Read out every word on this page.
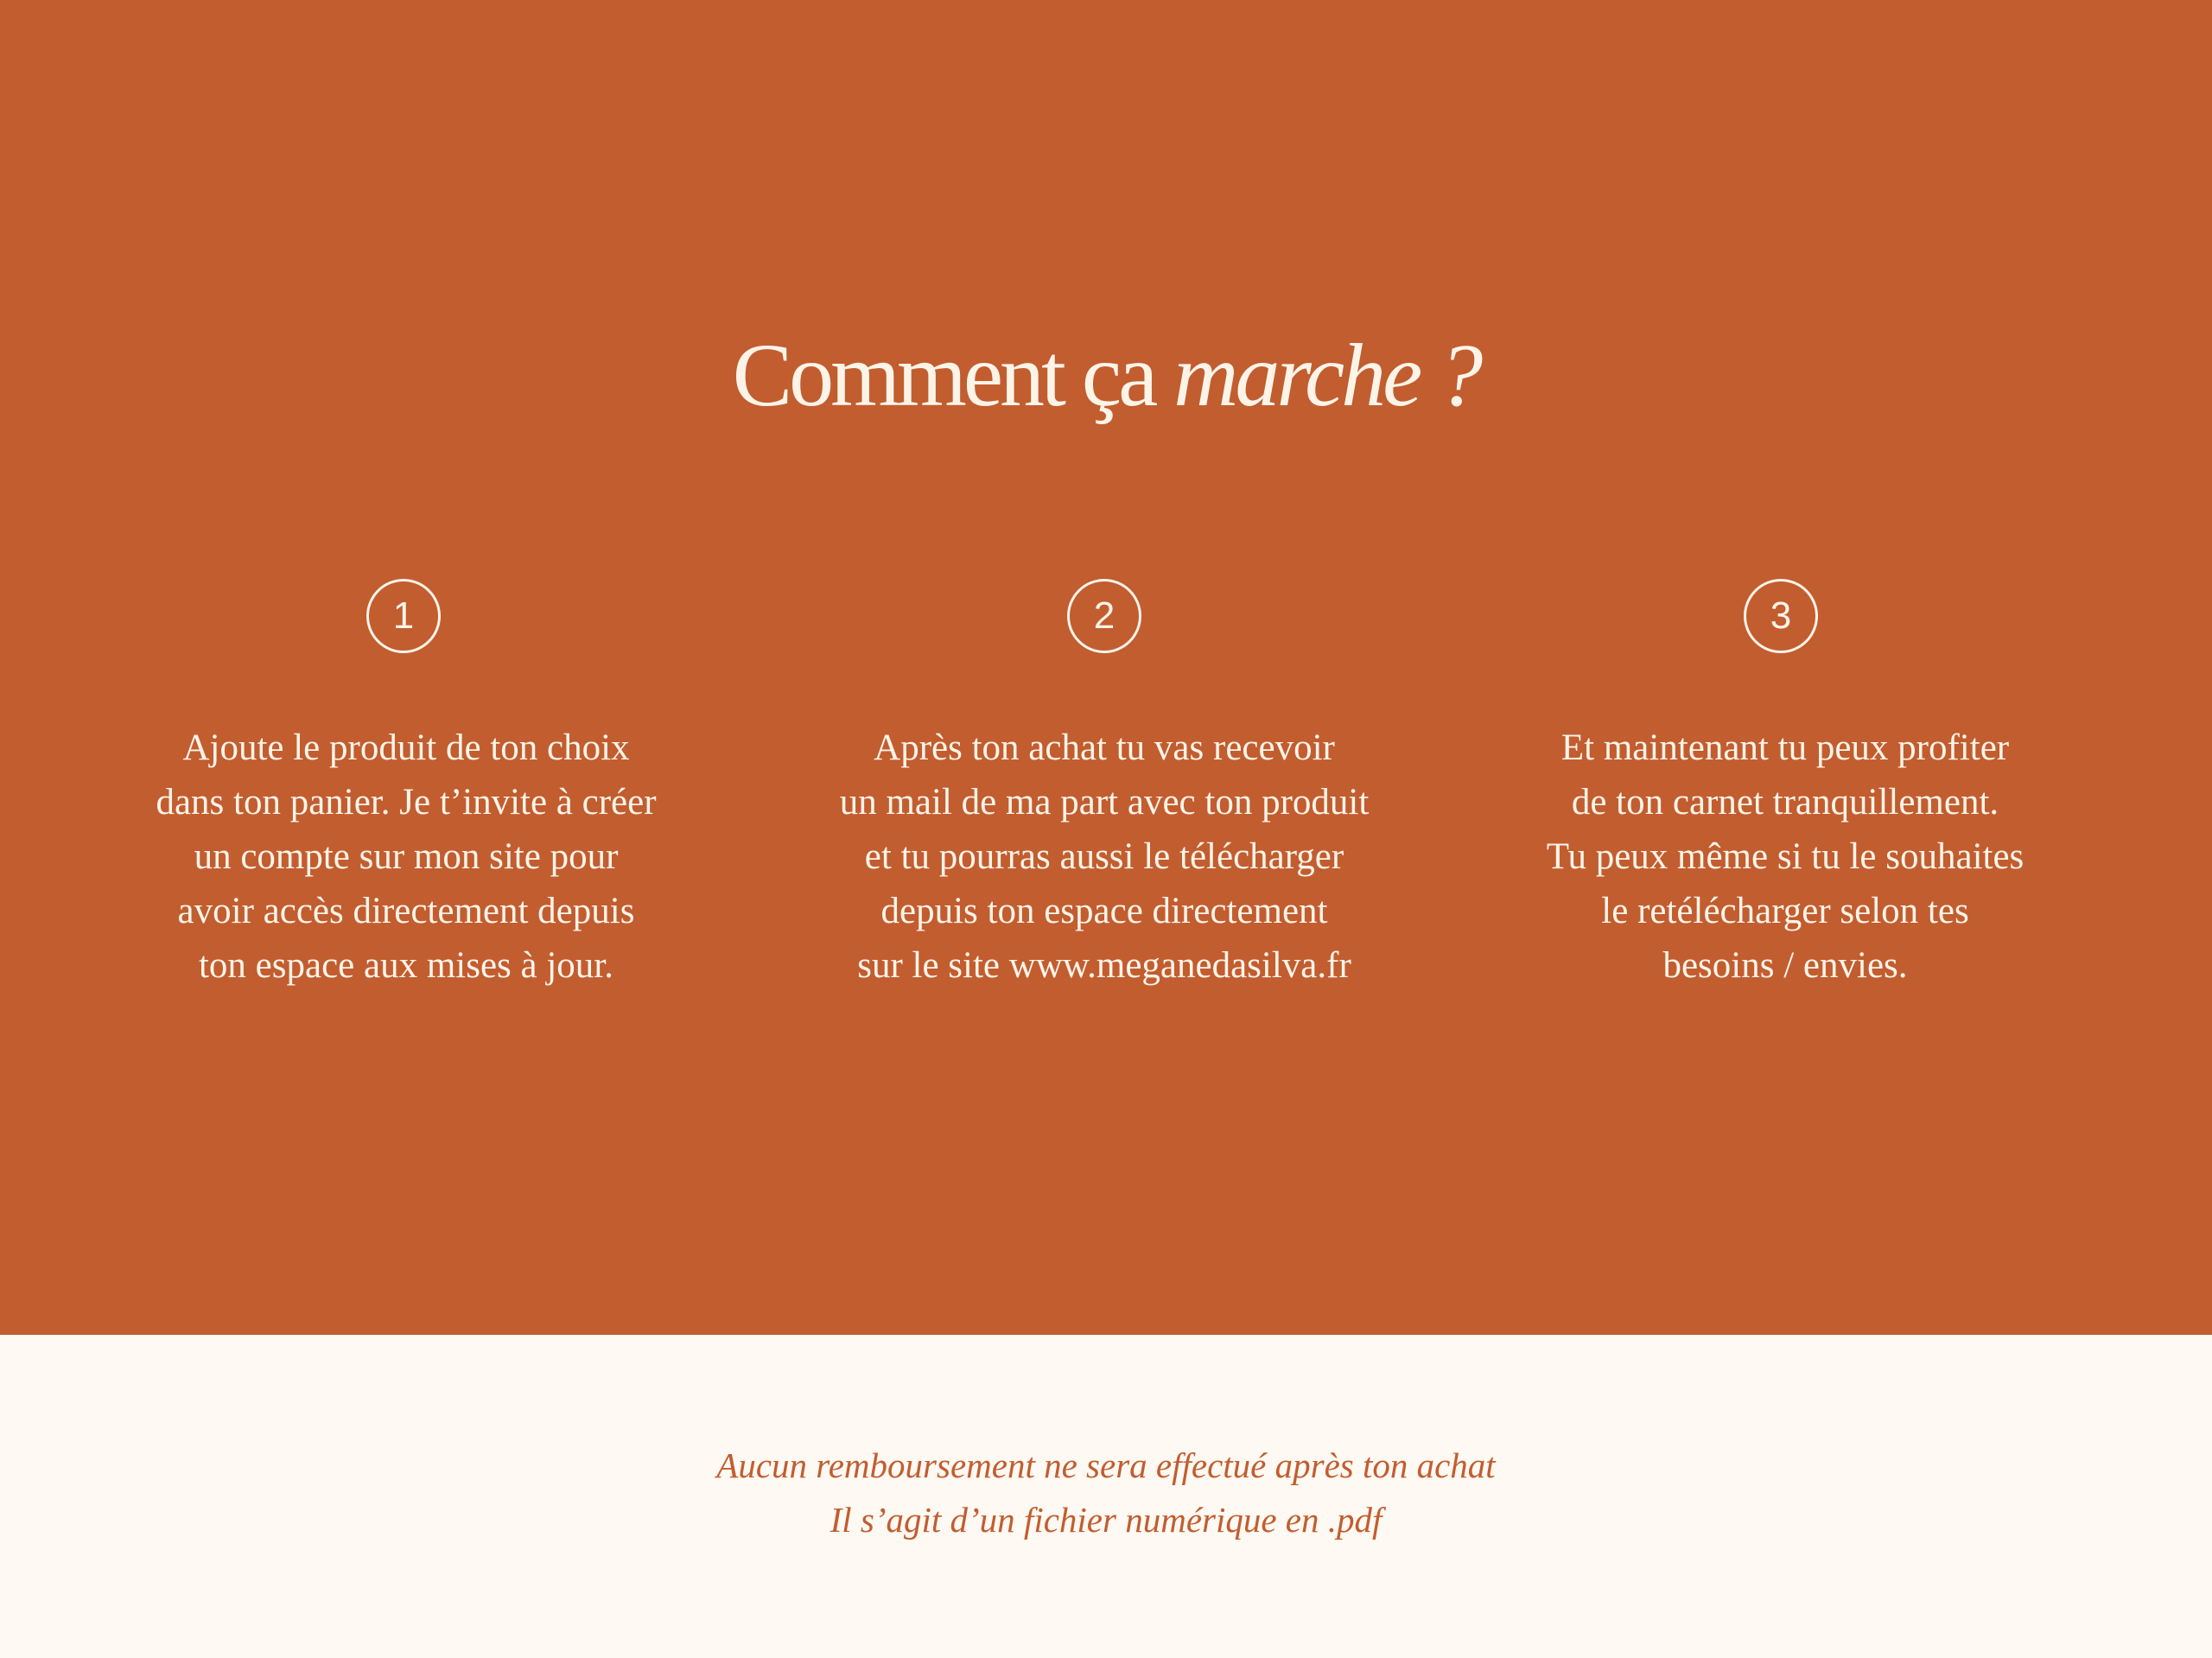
Comment ça marche ?
1
Ajoute le produit de ton choix
dans ton panier. Je t’invite à créer
un compte sur mon site pour
avoir accès directement depuis
ton espace aux mises à jour.
2
Après ton achat tu vas recevoir
un mail de ma part avec ton produit
et tu pourras aussi le télécharger
depuis ton espace directement
sur le site www.meganedasilva.fr
3
Et maintenant tu peux profiter
de ton carnet tranquillement.
Tu peux même si tu le souhaites
le retélécharger selon tes
besoins / envies.
Aucun remboursement ne sera effectué après ton achat
Il s’agit d’un fichier numérique en .pdf
